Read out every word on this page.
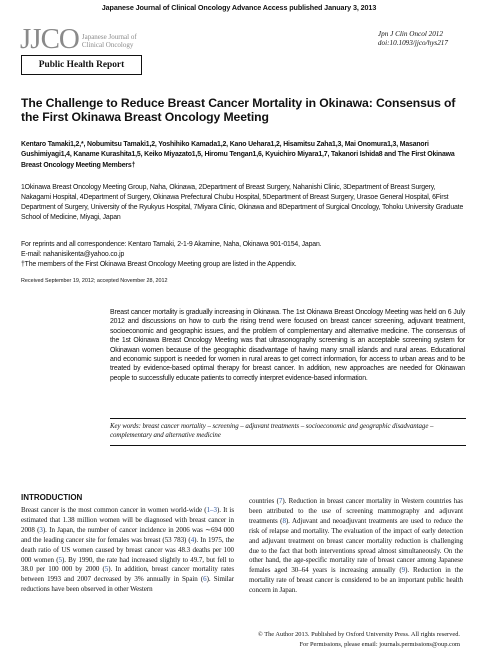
Japanese Journal of Clinical Oncology Advance Access published January 3, 2013
JJCO Japanese Journal of
Clinical Oncology
Jpn J Clin Oncol 2012
doi:10.1093/jjco/hys217
Public Health Report
The Challenge to Reduce Breast Cancer Mortality in Okinawa: Consensus of the First Okinawa Breast Oncology Meeting
Kentaro Tamaki1,2,*, Nobumitsu Tamaki1,2, Yoshihiko Kamada1,2, Kano Uehara1,2, Hisamitsu Zaha1,3, Mai Onomura1,3, Masanori Gushimiyagi1,4, Kaname Kurashita1,5, Keiko Miyazato1,5, Hiromu Tengan1,6, Kyuichiro Miyara1,7, Takanori Ishida8 and The First Okinawa Breast Oncology Meeting Members†
1Okinawa Breast Oncology Meeting Group, Naha, Okinawa, 2Department of Breast Surgery, Nahanishi Clinic, 3Department of Breast Surgery, Nakagami Hospital, 4Department of Surgery, Okinawa Prefectural Chubu Hospital, 5Department of Breast Surgery, Urasoe General Hospital, 6First Department of Surgery, University of the Ryukyus Hospital, 7Miyara Clinic, Okinawa and 8Department of Surgical Oncology, Tohoku University Graduate School of Medicine, Miyagi, Japan
For reprints and all correspondence: Kentaro Tamaki, 2-1-9 Akamine, Naha, Okinawa 901-0154, Japan.
E-mail: nahanisikenta@yahoo.co.jp
†The members of the First Okinawa Breast Oncology Meeting group are listed in the Appendix.
Received September 19, 2012; accepted November 28, 2012
Breast cancer mortality is gradually increasing in Okinawa. The 1st Okinawa Breast Oncology Meeting was held on 6 July 2012 and discussions on how to curb the rising trend were focused on breast cancer screening, adjuvant treatment, socioeconomic and geographic issues, and the problem of complementary and alternative medicine. The consensus of the 1st Okinawa Breast Oncology Meeting was that ultrasonography screening is an acceptable screening system for Okinawan women because of the geographic disadvantage of having many small islands and rural areas. Educational and economic support is needed for women in rural areas to get correct information, for access to urban areas and to be treated by evidence-based optimal therapy for breast cancer. In addition, new approaches are needed for Okinawan people to successfully educate patients to correctly interpret evidence-based information.
Key words: breast cancer mortality – screening – adjuvant treatments – socioeconomic and geographic disadvantage – complementary and alternative medicine
INTRODUCTION

Breast cancer is the most common cancer in women world-wide (1–3). It is estimated that 1.38 million women will be diagnosed with breast cancer in 2008 (3). In Japan, the number of cancer incidence in 2006 was ∼694 000 and the leading cancer site for females was breast (53 783) (4). In 1975, the death ratio of US women caused by breast cancer was 48.3 deaths per 100 000 women (5). By 1990, the rate had increased slightly to 49.7, but fell to 38.0 per 100 000 by 2000 (5). In addition, breast cancer mortality rates between 1993 and 2007 decreased by 3% annually in Spain (6). Similar reductions have been observed in other Western

countries (7). Reduction in breast cancer mortality in Western countries has been attributed to the use of screening mammography and adjuvant treatments (8). Adjuvant and neoadjuvant treatments are used to reduce the risk of relapse and mortality. The evaluation of the impact of early detection and adjuvant treatment on breast cancer mortality reduction is challenging due to the fact that both interventions spread almost simultaneously. On the other hand, the age-specific mortality rate of breast cancer among Japanese females aged 30–64 years is increasing annually (9). Reduction in the mortality rate of breast cancer is considered to be an important public health concern in Japan.

© The Author 2013. Published by Oxford University Press. All rights reserved.
For Permissions, please email: journals.permissions@oup.com
